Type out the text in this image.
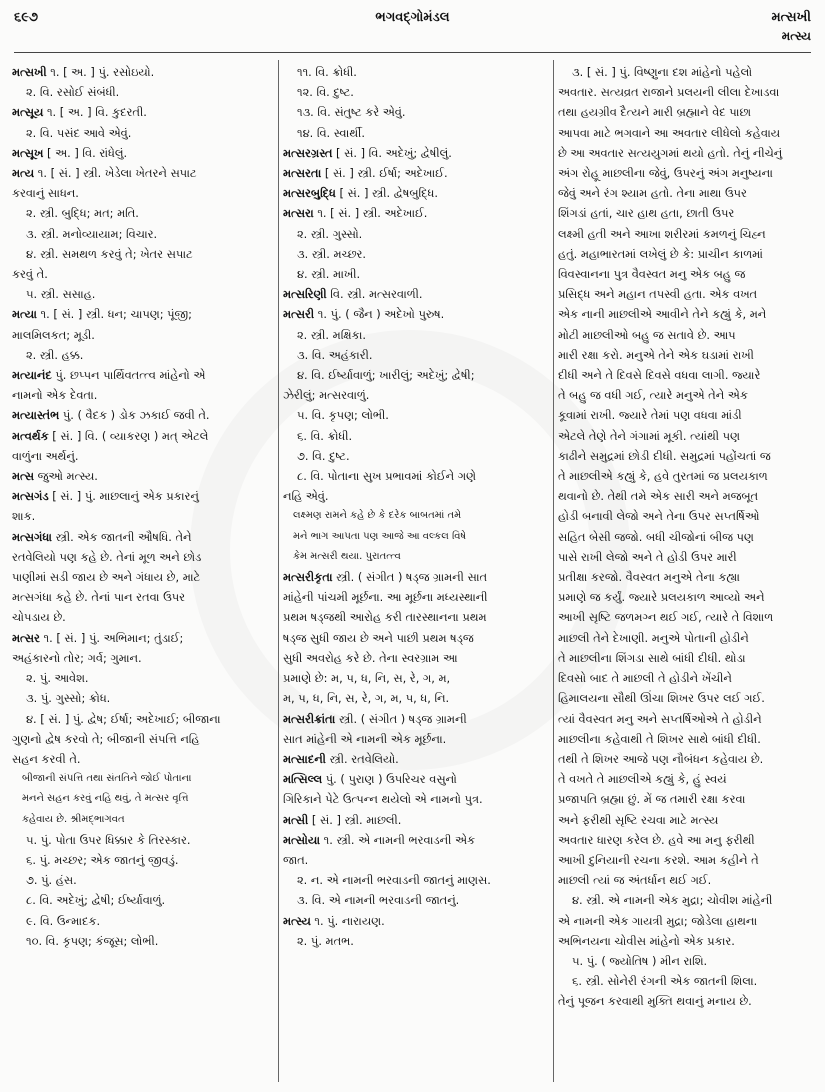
૬૯૭	ભગવદ્ગોમંડલ	મત્સખી
મત્સ્ય
મત્સખી ૧. [ અ. ] પું. રસોઇયો.
૨. વિ. રસોઈ સંબંધી.
મત્સૂય ૧. [ અ. ] વિ. કુદરતી.
૨. વિ. પસંદ આવે એવું.
મત્સૂખ [ અ. ] વિ. રાંધેલું.
મત્ય ૧. [ સં. ] સ્ત્રી. ખેડેલા ખેતરને સપાટ
કરવાનું સાધન.
૨. સ્ત્રી. બુદ્ધિ; મત; મતિ.
૩. સ્ત્રી. મનોવ્યાયામ; વિચાર.
૪. સ્ત્રી. સમથળ કરવું તે; ખેતર સપાટ
કરવું તે.
૫. સ્ત્રી. સસાહ.
મત્યા ૧. [ સં. ] સ્ત્રી. ધન; ચાપણ; પૂંજી;
માલમિલકત; મૂડી.
૨. સ્ત્રી. હક્ક.
મત્યાનંદ પું. છપ્પન પાર્થિવતત્ત્વ માંહેનો એ
નામનો એક દેવતા.
મત્યાસ્તંભ પું. ( વૈદક ) ડોક ઝકાઈ જવી તે.
મત્વર્થક [ સં. ] વિ. ( વ્યાકરણ ) મત્ એટલે
વાળુંના અર્થનું.
મત્સ જુઓ મત્સ્ય.
મત્સગંડ [ સં. ] પું. માછલાનું એક પ્રકારનું
શાક.
મત્સગંધા સ્ત્રી. એક જાતની ઔષધિ. તેને
રતવેલિયો પણ કહે છે. તેનાં મૂળ અને છોડ
પાણીમાં સડી જાય છે અને ગંધાય છે, માટે
મત્સગંધા કહે છે. તેનાં પાન રતવા ઉપર
ચોપડાય છે.
મત્સર ૧. [ સં. ] પું. અભિમાન; તુંડાઈ;
અહંકારનો તોર; ગર્વ; ગુમાન.
૨. પું. આવેશ.
૩. પું. ગુસ્સો; ક્રોધ.
૪. [ સં. ] પું. દ્વેષ; ઈર્ષા; અદેખાઈ; બીજાના
ગુણનો દ્વેષ કરવો તે; બીજાની સંપત્તિ નહિ
સહન કરવી તે.
બીજાની સંપત્તિ તથા સંતતિને જોઈ પોતાના
મનને સહન કરવું નહિ થવું, તે મત્સર વૃત્તિ
કહેવાય છે. શ્રીમદ્ભાગવત
૫. પું. પોતા ઉપર ધિક્કાર કે તિરસ્કાર.
૬. પું. મચ્છર; એક જાતનું જીવડું.
૭. પું. હંસ.
૮. વિ. અદેખું; દ્વેષી; ઈર્ષ્યાવાળું.
૯. વિ. ઉન્માદક.
૧૦. વિ. કૃપણ; કંજૂસ; લોભી.
૧૧. વિ. ક્રોધી.
૧૨. વિ. દુષ્ટ.
૧૩. વિ. સંતુષ્ટ કરે એવું.
૧૪. વિ. સ્વાર્થી.
મત્સરગ્રસ્ત [ સં. ] વિ. અદેખું; દ્વેષીલું.
મત્સરતા [ સં. ] સ્ત્રી. ઈર્ષા; અદેખાઈ.
મત્સરબુદ્ધિ [ સં. ] સ્ત્રી. દ્વેષબુદ્ધિ.
મત્સરા ૧. [ સં. ] સ્ત્રી. અદેખાઈ.
૨. સ્ત્રી. ગુસ્સો.
૩. સ્ત્રી. મચ્છર.
૪. સ્ત્રી. માખી.
મત્સરિણી વિ. સ્ત્રી. મત્સરવાળી.
મત્સરી ૧. પું. ( જૈન ) અદેખો પુરુષ.
૨. સ્ત્રી. મક્ષિકા.
૩. વિ. અહંકારી.
૪. વિ. ઈર્ષ્યાવાળું; ખારીલું; અદેખું; દ્વેષી;
ઝેરીલું; મત્સરવાળું.
૫. વિ. કૃપણ; લોભી.
૬. વિ. ક્રોધી.
૭. વિ. દુષ્ટ.
૮. વિ. પોતાના સુખ પ્રભાવમાં કોઈને ગણે
નહિ એવું.
લક્ષ્મણ રામને કહે છે કે દરેક બાબતમાં તમે
મને ભાગ આપતા પણ આજે આ વલ્કલ વિષે
કેમ મત્સરી થયા. પુરાતત્ત્વ
મત્સરીકૃતા સ્ત્રી. ( સંગીત ) ષડ્જ ગ્રામની સાત
માંહેની પાંચમી મૂર્છના. આ મૂર્છના મધ્યસ્થાની
પ્રથમ ષડ્જથી આરોહ કરી તારસ્થાનના પ્રથમ
ષડ્જ સુધી જાય છે અને પાછી પ્રથમ ષડ્જ
સુધી અવરોહ કરે છે. તેના સ્વરગ્રામ આ
પ્રમાણે છે: મ, પ, ધ, નિ, સ, રે, ગ, મ,
મ, પ, ધ, નિ, સ, રે, ગ, મ, પ, ધ, નિ.
મત્સરીક્રાંતા સ્ત્રી. ( સંગીત ) ષડ્જ ગ્રામની
સાત માંહેની એ નામની એક મૂર્છના.
મત્સાદની સ્ત્રી. રતવેલિયો.
મત્સિલ્લ પું. ( પુરાણ ) ઉપરિચર વસુનો
ગિરિકાને પેટે ઉત્પન્ન થયેલો એ નામનો પુત્ર.
મત્સી [ સં. ] સ્ત્રી. માછલી.
મત્સોયા ૧. સ્ત્રી. એ નામની ભરવાડની એક
જાત.
૨. ન. એ નામની ભરવાડની જાતનું માણસ.
૩. વિ. એ નામની ભરવાડની જાતનું.
મત્સ્ય ૧. પું. નારાયણ.
૨. પું. મતભ.
૩. [ સં. ] પું. વિષ્ણુના દશ માંહેનો પહેલો
અવતાર. સત્યવ્રત રાજાને પ્રલયની લીલા દેખાડવા
તથા હયગ્રીવ દૈત્યને મારી બ્રહ્માને વેદ પાછા
આપવા માટે ભગવાને આ અવતાર લીધેલો કહેવાય
છે આ અવતાર સત્યયુગમાં થયો હતો. તેનું નીચેનું
અંગ રોહૂ માછલીના જેવું, ઉપરનું અંગ મનુષ્યના
જેવું અને રંગ શ્યામ હતો. તેના માથા ઉપર
શિંગડાં હતાં, ચાર હાથ હતા, છાતી ઉપર
લક્ષ્મી હતી અને આખા શરીરમાં કમળનું ચિહ્ન
હતું. મહાભારતમાં લખેલું છે કે: પ્રાચીન કાળમાં
વિવસ્વાનના પુત્ર વૈવસ્વત મનુ એક બહુ જ
પ્રસિદ્ધ અને મહાન તપસ્વી હતા. એક વખત
એક નાની માછલીએ આવીને તેને કહ્યું કે, મને
મોટી માછલીઓ બહુ જ સતાવે છે. આપ
મારી રક્ષા કરો. મનુએ તેને એક ઘડામાં રાખી
દીધી અને તે દિવસે દિવસે વધવા લાગી. જ્યારે
તે બહુ જ વધી ગઈ, ત્યારે મનુએ તેને એક
કૂવામાં રાખી. જ્યારે તેમાં પણ વધવા માંડી
એટલે તેણે તેને ગંગામાં મૂકી. ત્યાંથી પણ
કાઢીને સમુદ્રમાં છોડી દીધી. સમુદ્રમાં પહોંચતાં જ
તે માછલીએ કહ્યું કે, હવે તુરતમાં જ પ્રલયકાળ
થવાનો છે. તેથી તમે એક સારી અને મજબૂત
હોડી બનાવી લેજો અને તેના ઉપર સપ્તર્ષિઓ
સહિત બેસી જજો. બધી ચીજોનાં બીજ પણ
પાસે રાખી લેજો અને તે હોડી ઉપર મારી
પ્રતીક્ષા કરજો. વૈવસ્વત મનુએ તેના કહ્યા
પ્રમાણે જ કર્યું. જ્યારે પ્રલયકાળ આવ્યો અને
આખી સૃષ્ટિ જળમગ્ન થઈ ગઈ, ત્યારે તે વિશાળ
માછલી તેને દેખાણી. મનુએ પોતાની હોડીને
તે માછલીના શિંગડા સાથે બાંધી દીધી. થોડા
દિવસો બાદ તે માછલી તે હોડીને ખેંચીને
હિમાલયના સૌથી ઊંચા શિખર ઉપર લઈ ગઈ.
ત્યાં વૈવસ્વત મનુ અને સપ્તર્ષિઓએ તે હોડીને
માછલીના કહેવાથી તે શિખર સાથે બાંધી દીધી.
તથી તે શિખર આજે પણ નૌબંધન કહેવાય છે.
તે વખતે તે માછલીએ કહ્યું કે, હું સ્વયં
પ્રજાપતિ બ્રહ્મા છું. મેં જ તમારી રક્ષા કરવા
અને ફરીથી સૃષ્ટિ રચવા માટે મત્સ્ય
અવતાર ધારણ કરેલ છે. હવે આ મનુ ફરીથી
આખી દુનિયાની રચના કરશે. આમ કહીને તે
માછલી ત્યાં જ અંતર્ધાન થઈ ગઈ.
૪. સ્ત્રી. એ નામની એક મુદ્રા; ચોવીશ માંહેની
એ નામની એક ગાયત્રી મુદ્રા; જોડેલા હાથના
અભિનયના ચોવીસ માંહેનો એક પ્રકાર.
૫. પું. ( જ્યોતિષ ) મીન રાશિ.
૬. સ્ત્રી. સોનેરી રંગની એક જાતની શિલા.
તેનું પૂજન કરવાથી મુક્તિ થવાનું મનાય છે.
